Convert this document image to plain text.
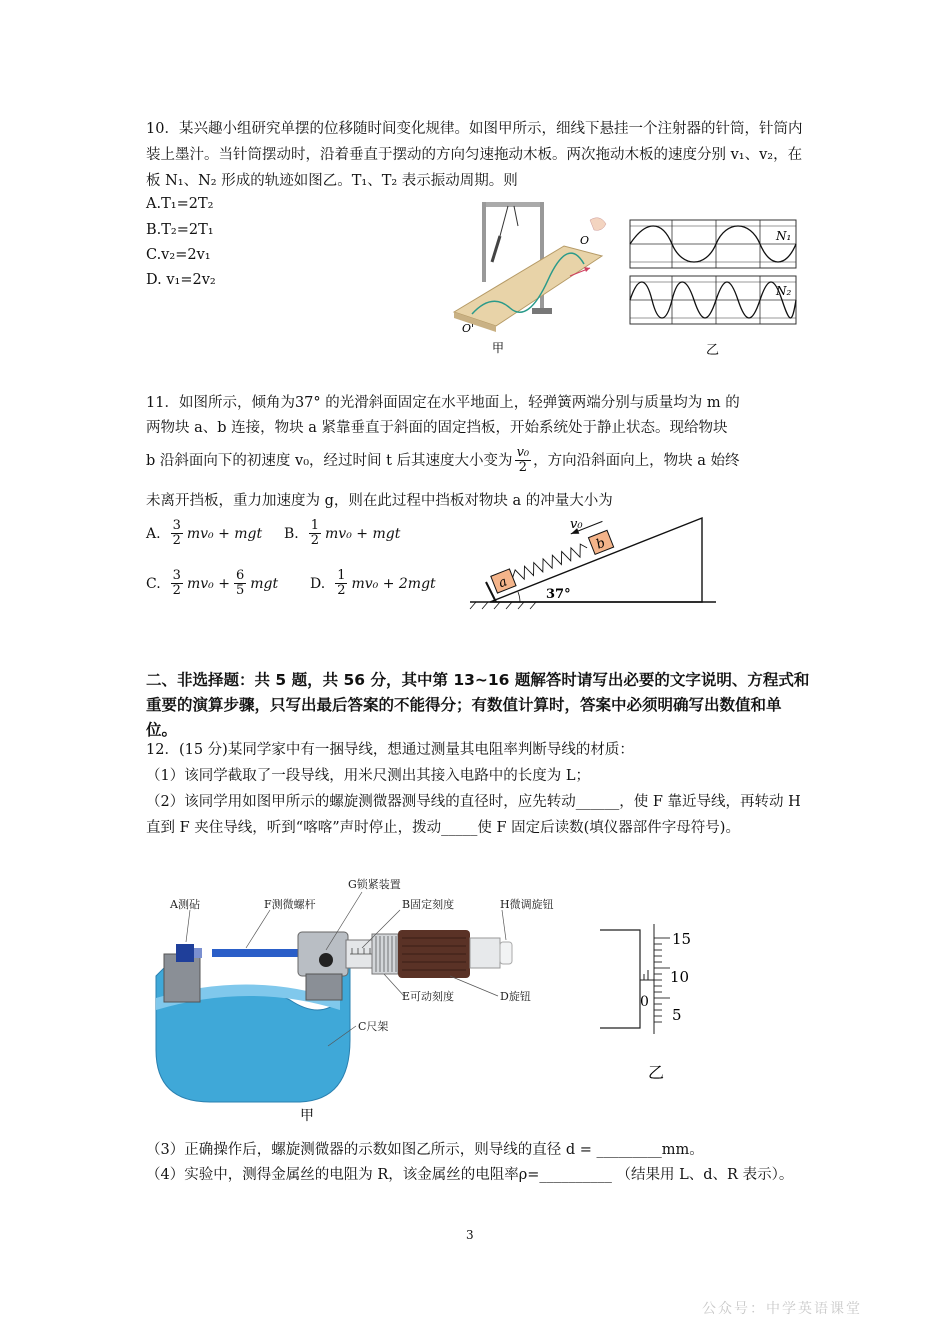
10．某兴趣小组研究单摆的位移随时间变化规律。如图甲所示，细线下悬挂一个注射器的针筒，针筒内装上墨汁。当针筒摆动时，沿着垂直于摆动的方向匀速拖动木板。两次拖动木板的速度分别 v₁、v₂，在板 N₁、N₂ 形成的轨迹如图乙。T₁、T₂ 表示振动周期。则

A.T₁=2T₂
B.T₂=2T₁
C.v₂=2v₁
D. v₁=2v₂
O
O'
甲
N₁
N₂
乙

11．如图所示，倾角为37° 的光滑斜面固定在水平地面上，轻弹簧两端分别与质量均为 m 的

两物块 a、b 连接，物块 a 紧靠垂直于斜面的固定挡板，开始系统处于静止状态。现给物块

b 沿斜面向下的初速度 v₀，经过时间 t 后其速度大小变为 $\frac{\text{v₀}}{2}$ ，方向沿斜面向上，物块 a 始终

未离开挡板，重力加速度为 g，则在此过程中挡板对物块 a 的冲量大小为

A. $\frac{3}{2} mv_0$ + mgt B. $\frac{1}{2} mv_0$ + mgt
C. $\frac{3}{2} mv_0 + \frac{6}{5}$ mgt D. $\frac{1}{2} mv_0 + 2mgt$	a
b
v₀
37°

二、非选择题：共 5 题，共 56 分，其中第 13~16 题解答时请写出必要的文字说明、方程式和重要的演算步骤，只写出最后答案的不能得分；有数值计算时，答案中必须明确写出数值和单位。

12．(15 分)某同学家中有一捆导线，想通过测量其电阻率判断导线的材质：

（1）该同学截取了一段导线，用米尺测出其接入电路中的长度为 L；

（2）该同学用如图甲所示的螺旋测微器测导线的直径时，应先转动______，使 F 靠近导线，再转动 H 直到 F 夹住导线，听到“喀喀”声时停止，拨动_____使 F 固定后读数(填仪器部件字母符号)。

A测砧	F测微螺杆
G锁紧装置
B固定刻度	H微调旋钮
E可动刻度	D旋钮
C尺架
甲
15
10
5
0
乙

（3）正确操作后，螺旋测微器的示数如图乙所示，则导线的直径 d = _________mm。

（4）实验中，测得金属丝的电阻为 R，该金属丝的电阻率ρ=__________ （结果用 L、d、R 表示）。

3
公众号：中学英语课堂
